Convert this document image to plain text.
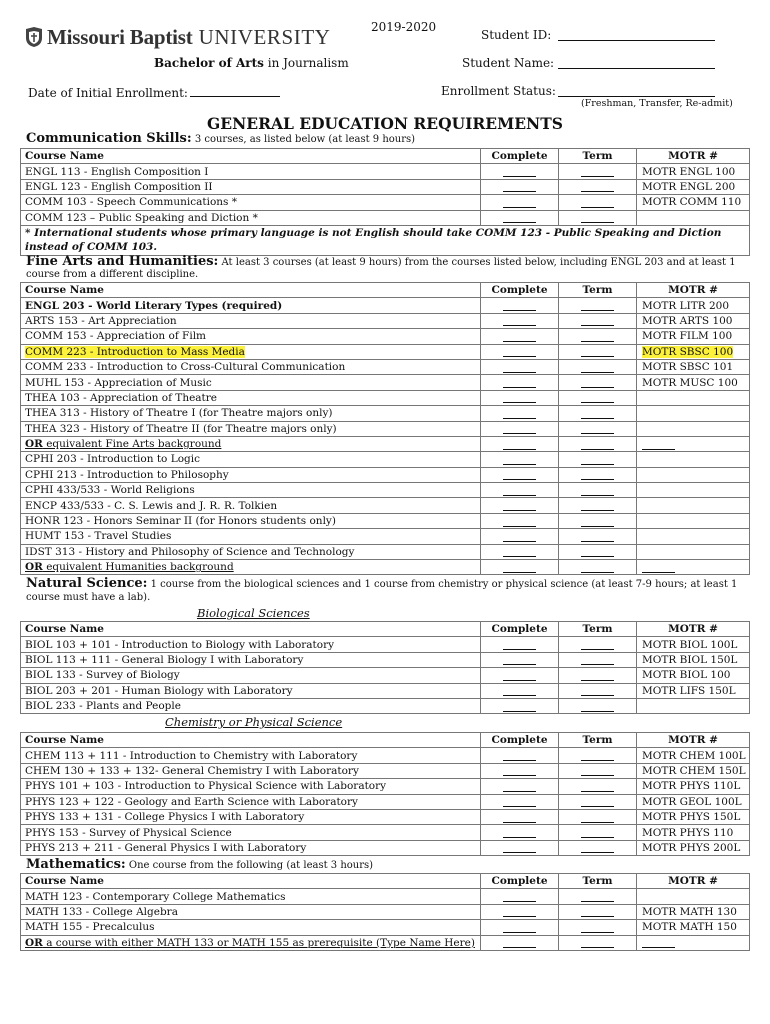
Missouri Baptist UNIVERSITY	2019-2020
Bachelor of Arts in Journalism
Student ID:
Student Name:
Date of Initial Enrollment:	Enrollment Status:
(Freshman, Transfer, Re-admit)
GENERAL EDUCATION REQUIREMENTS
Communication Skills: 3 courses, as listed below (at least 9 hours)
Course Name	Complete	Term	MOTR #
ENGL 113 - English Composition I			MOTR ENGL 100
ENGL 123 - English Composition II			MOTR ENGL 200
COMM 103 - Speech Communications *			MOTR COMM 110
COMM 123 – Public Speaking and Diction *			
* International students whose primary language is not English should take COMM 123 - Public Speaking and Diction
instead of COMM 103.			
Fine Arts and Humanities: At least 3 courses (at least 9 hours) from the courses listed below, including ENGL 203 and at least 1
course from a different discipline.
Course Name	Complete	Term	MOTR #
ENGL 203 - World Literary Types (required)			MOTR LITR 200
ARTS 153 - Art Appreciation			MOTR ARTS 100
COMM 153 - Appreciation of Film			MOTR FILM 100
COMM 223 - Introduction to Mass Media			MOTR SBSC 100
COMM 233 - Introduction to Cross-Cultural Communication			MOTR SBSC 101
MUHL 153 - Appreciation of Music			MOTR MUSC 100
THEA 103 - Appreciation of Theatre			
THEA 313 - History of Theatre I (for Theatre majors only)			
THEA 323 - History of Theatre II (for Theatre majors only)			
OR equivalent Fine Arts background			
CPHI 203 - Introduction to Logic			
CPHI 213 - Introduction to Philosophy			
CPHI 433/533 - World Religions			
ENCP 433/533 - C. S. Lewis and J. R. R. Tolkien			
HONR 123 - Honors Seminar II (for Honors students only)			
HUMT 153 - Travel Studies			
IDST 313 - History and Philosophy of Science and Technology			
OR equivalent Humanities background			
Natural Science: 1 course from the biological sciences and 1 course from chemistry or physical science (at least 7-9 hours; at least 1
course must have a lab).
Biological Sciences
Course Name	Complete	Term	MOTR #
BIOL 103 + 101 - Introduction to Biology with Laboratory			MOTR BIOL 100L
BIOL 113 + 111 - General Biology I with Laboratory			MOTR BIOL 150L
BIOL 133 - Survey of Biology			MOTR BIOL 100
BIOL 203 + 201 - Human Biology with Laboratory			MOTR LIFS 150L
BIOL 233 - Plants and People			
Chemistry or Physical Science
Course Name	Complete	Term	MOTR #
CHEM 113 + 111 - Introduction to Chemistry with Laboratory			MOTR CHEM 100L
CHEM 130 + 133 + 132- General Chemistry I with Laboratory			MOTR CHEM 150L
PHYS 101 + 103 - Introduction to Physical Science with Laboratory			MOTR PHYS 110L
PHYS 123 + 122 - Geology and Earth Science with Laboratory			MOTR GEOL 100L
PHYS 133 + 131 - College Physics I with Laboratory			MOTR PHYS 150L
PHYS 153 - Survey of Physical Science			MOTR PHYS 110
PHYS 213 + 211 - General Physics I with Laboratory			MOTR PHYS 200L
Mathematics: One course from the following (at least 3 hours)
Course Name	Complete	Term	MOTR #
MATH 123 - Contemporary College Mathematics			
MATH 133 - College Algebra			MOTR MATH 130
MATH 155 - Precalculus			MOTR MATH 150
OR a course with either MATH 133 or MATH 155 as prerequisite (Type Name Here)			
